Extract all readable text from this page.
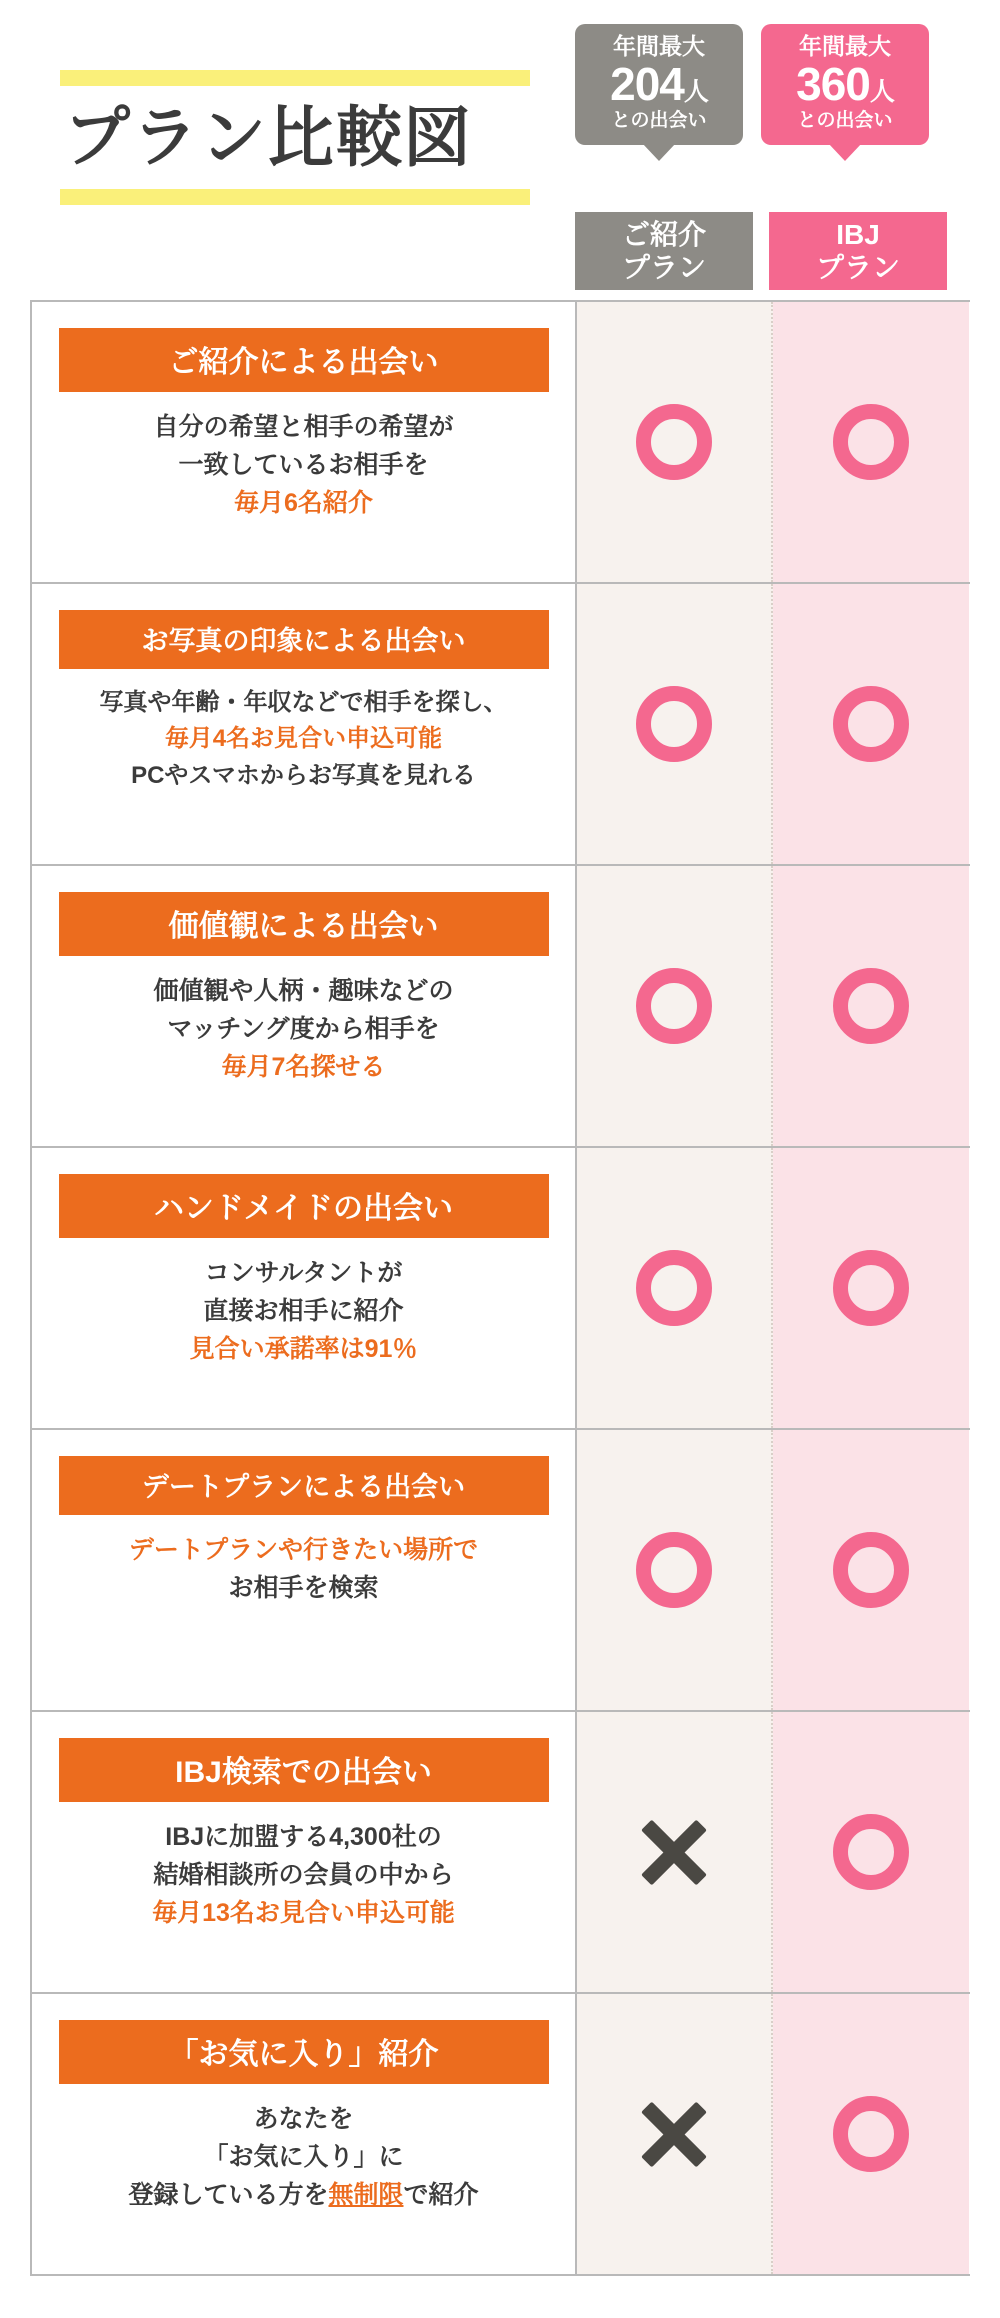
プラン比較図
年間最大
204人
との出会い
年間最大
360人
との出会い
ご紹介
プラン
IBJ
プラン
ご紹介による出会い
自分の希望と相手の希望が
一致しているお相手を
毎月6名紹介
お写真の印象による出会い
写真や年齢・年収などで相手を探し、
毎月4名お見合い申込可能
PCやスマホからお写真を見れる
価値観による出会い
価値観や人柄・趣味などの
マッチング度から相手を
毎月7名探せる
ハンドメイドの出会い
コンサルタントが
直接お相手に紹介
見合い承諾率は91％
デートプランによる出会い
デートプランや行きたい場所で
お相手を検索
IBJ検索での出会い
IBJに加盟する4,300社の
結婚相談所の会員の中から
毎月13名お見合い申込可能
「お気に入り」紹介
あなたを
「お気に入り」に
登録している方を無制限で紹介
